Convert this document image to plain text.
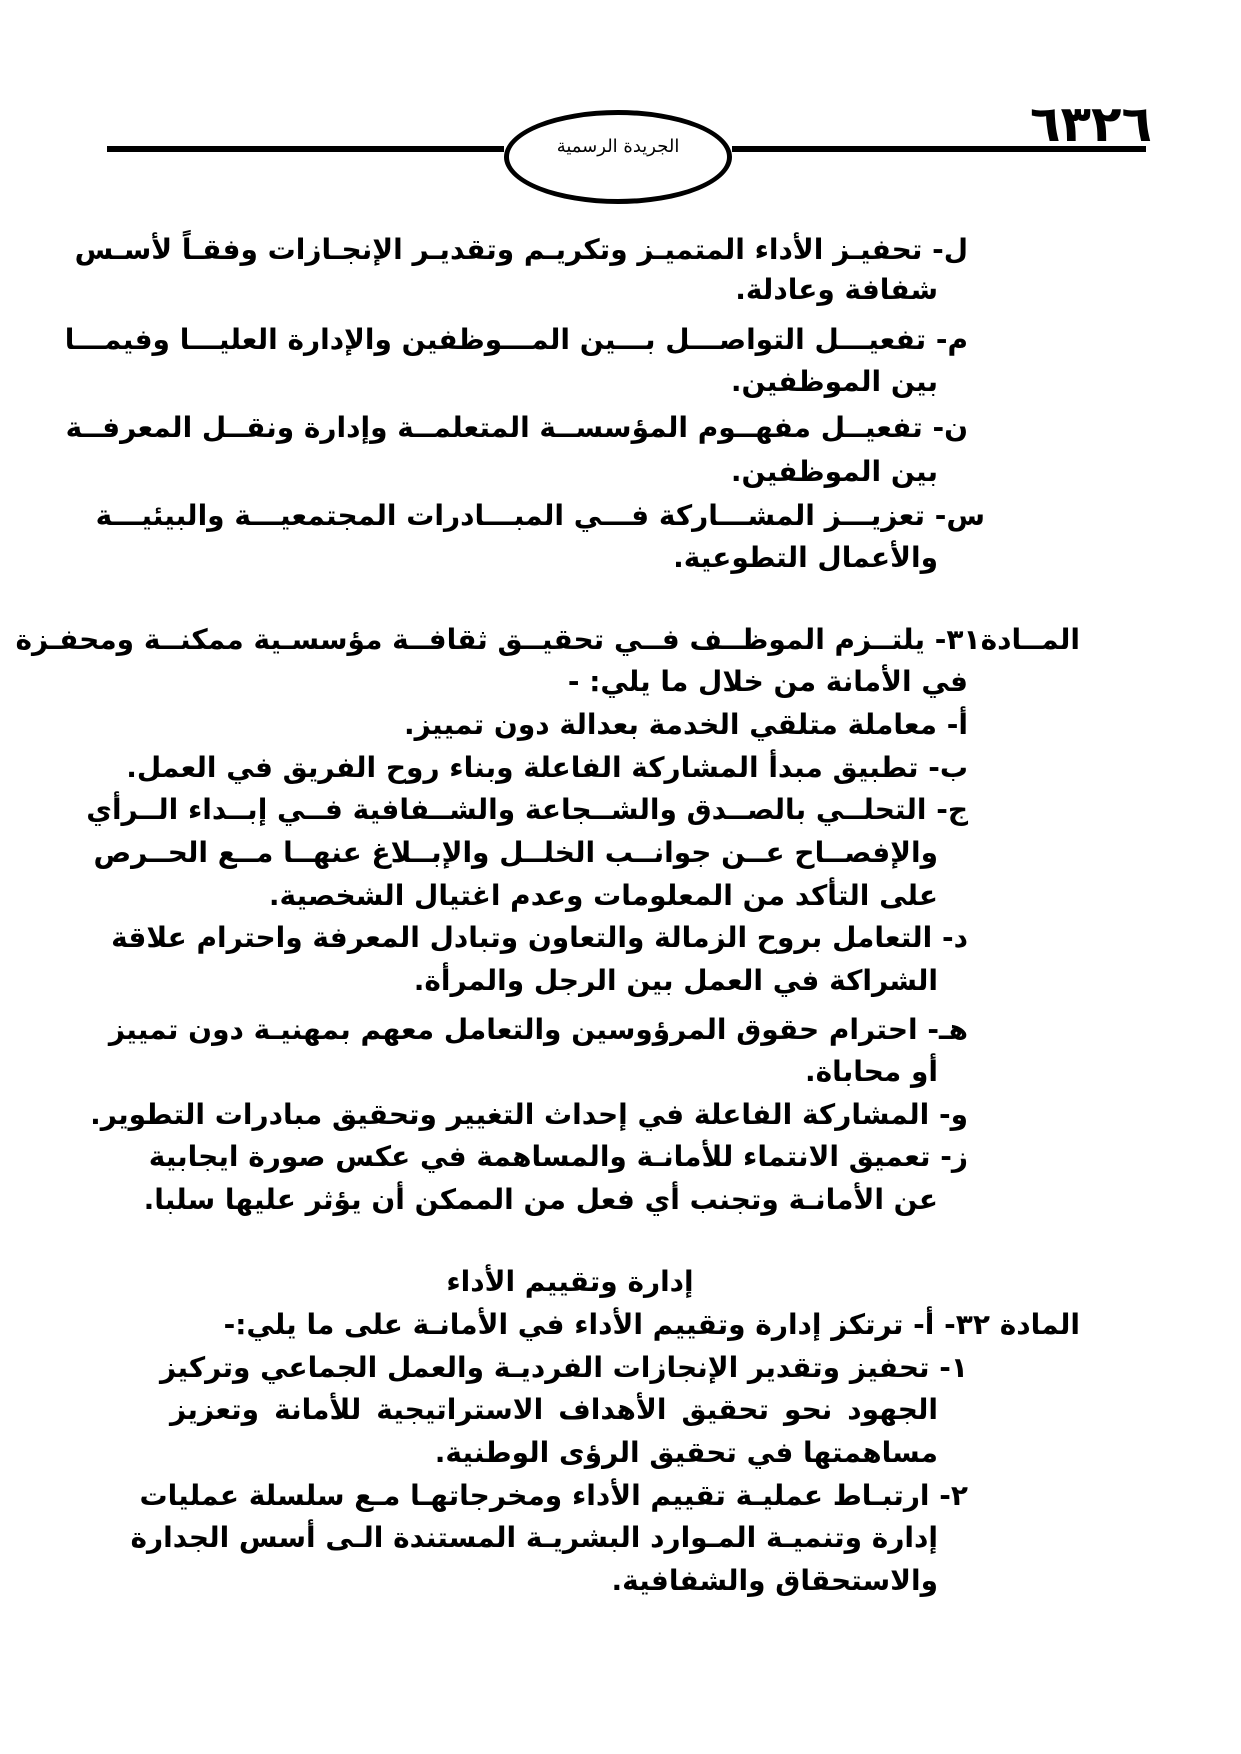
الجريدة الرسمية	٦٣٢٦
ل- تحفيـز الأداء المتميـز وتكريـم وتقديـر الإنجـازات وفقـاً لأسـس
شفافة وعادلة.
م- تفعيـــل التواصـــل بـــين المـــوظفين والإدارة العليـــا وفيمـــا
بين الموظفين.
ن- تفعيــل مفهــوم المؤسســة المتعلمــة وإدارة ونقــل المعرفــة
بين الموظفين.
س- تعزيـــز المشـــاركة فـــي المبـــادرات المجتمعيـــة والبيئيـــة
والأعمال التطوعية.
المــادة٣١- يلتــزم الموظــف فــي تحقيــق ثقافــة مؤسسـية ممكنــة ومحفـزة
في الأمانة من خلال ما يلي: -
أ- معاملة متلقي الخدمة بعدالة دون تمييز.
ب- تطبيق مبدأ المشاركة الفاعلة وبناء روح الفريق في العمل.
ج- التحلــي بالصــدق والشــجاعة والشــفافية فــي إبــداء الــرأي
والإفصــاح عــن جوانــب الخلــل والإبــلاغ عنهــا مــع الحــرص
على التأكد من المعلومات وعدم اغتيال الشخصية.
د- التعامل بروح الزمالة والتعاون وتبادل المعرفة واحترام علاقة
الشراكة في العمل بين الرجل والمرأة.
هـ- احترام حقوق المرؤوسين والتعامل معهم بمهنيـة دون تمييز
أو محاباة.
و- المشاركة الفاعلة في إحداث التغيير وتحقيق مبادرات التطوير.
ز- تعميق الانتماء للأمانـة والمساهمة في عكس صورة ايجابية
عن الأمانـة وتجنب أي فعل من الممكن أن يؤثر عليها سلبا.
إدارة وتقييم الأداء
المادة ٣٢- أ- ترتكز إدارة وتقييم الأداء في الأمانـة على ما يلي:-
١- تحفيز وتقدير الإنجازات الفرديـة والعمل الجماعي وتركيز
الجهود نحو تحقيق الأهداف الاستراتيجية للأمانة وتعزيز
مساهمتها في تحقيق الرؤى الوطنية.
٢- ارتبـاط عمليـة تقييم الأداء ومخرجاتهـا مـع سلسلة عمليات
إدارة وتنميـة المـوارد البشريـة المستندة الـى أسس الجدارة
والاستحقاق والشفافية.
